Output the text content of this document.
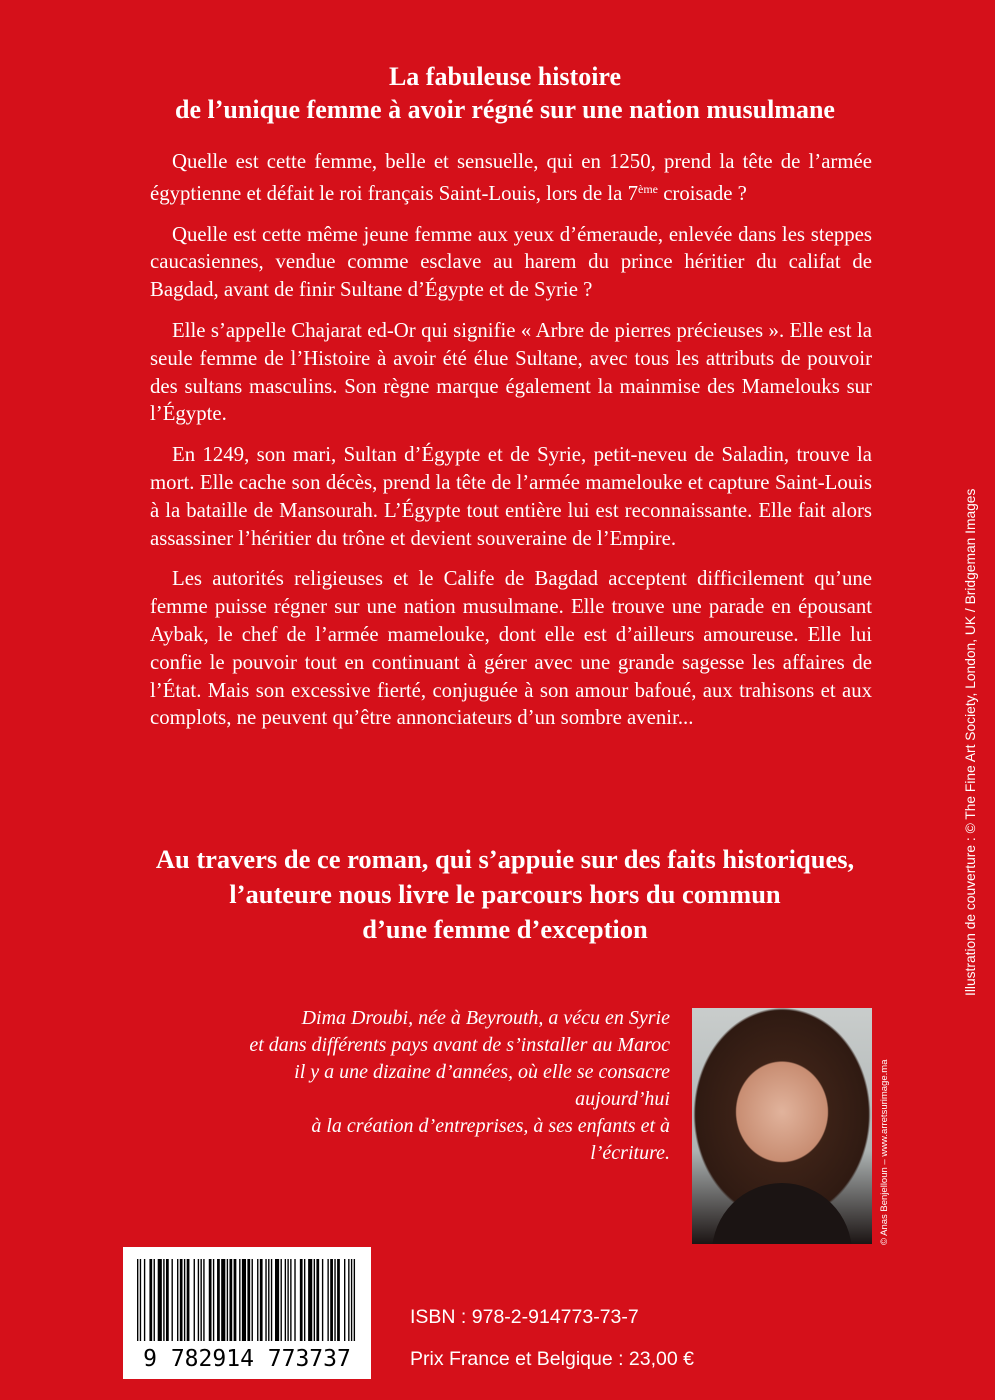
La fabuleuse histoire
de l’unique femme à avoir régné sur une nation musulmane

Quelle est cette femme, belle et sensuelle, qui en 1250, prend la tête de l’armée égyptienne et défait le roi français Saint-Louis, lors de la 7ème croisade ?

Quelle est cette même jeune femme aux yeux d’émeraude, enlevée dans les steppes caucasiennes, vendue comme esclave au harem du prince héritier du califat de Bagdad, avant de finir Sultane d’Égypte et de Syrie ?

Elle s’appelle Chajarat ed-Or qui signifie « Arbre de pierres précieuses ». Elle est la seule femme de l’Histoire à avoir été élue Sultane, avec tous les attributs de pouvoir des sultans masculins. Son règne marque également la mainmise des Mamelouks sur l’Égypte.

En 1249, son mari, Sultan d’Égypte et de Syrie, petit-neveu de Saladin, trouve la mort. Elle cache son décès, prend la tête de l’armée mamelouke et capture Saint-Louis à la bataille de Mansourah. L’Égypte tout entière lui est reconnaissante. Elle fait alors assassiner l’héritier du trône et devient souveraine de l’Empire.

Les autorités religieuses et le Calife de Bagdad acceptent difficilement qu’une femme puisse régner sur une nation musulmane. Elle trouve une parade en épousant Aybak, le chef de l’armée mamelouke, dont elle est d’ailleurs amoureuse. Elle lui confie le pouvoir tout en continuant à gérer avec une grande sagesse les affaires de l’État. Mais son excessive fierté, conjuguée à son amour bafoué, aux trahisons et aux complots, ne peuvent qu’être annonciateurs d’un sombre avenir...

Au travers de ce roman, qui s’appuie sur des faits historiques,
l’auteure nous livre le parcours hors du commun
d’une femme d’exception

Dima Droubi, née à Beyrouth, a vécu en Syrie
et dans différents pays avant de s’installer au Maroc
il y a une dizaine d’années, où elle se consacre aujourd’hui
à la création d’entreprises, à ses enfants et à l’écriture.	© Anas Benjelloun – www.arretsurimage.ma
Illustration de couverture : © The Fine Art Society, London, UK / Bridgeman Images
9 782914 773737
ISBN : 978-2-914773-73-7
Prix France et Belgique : 23,00 €
